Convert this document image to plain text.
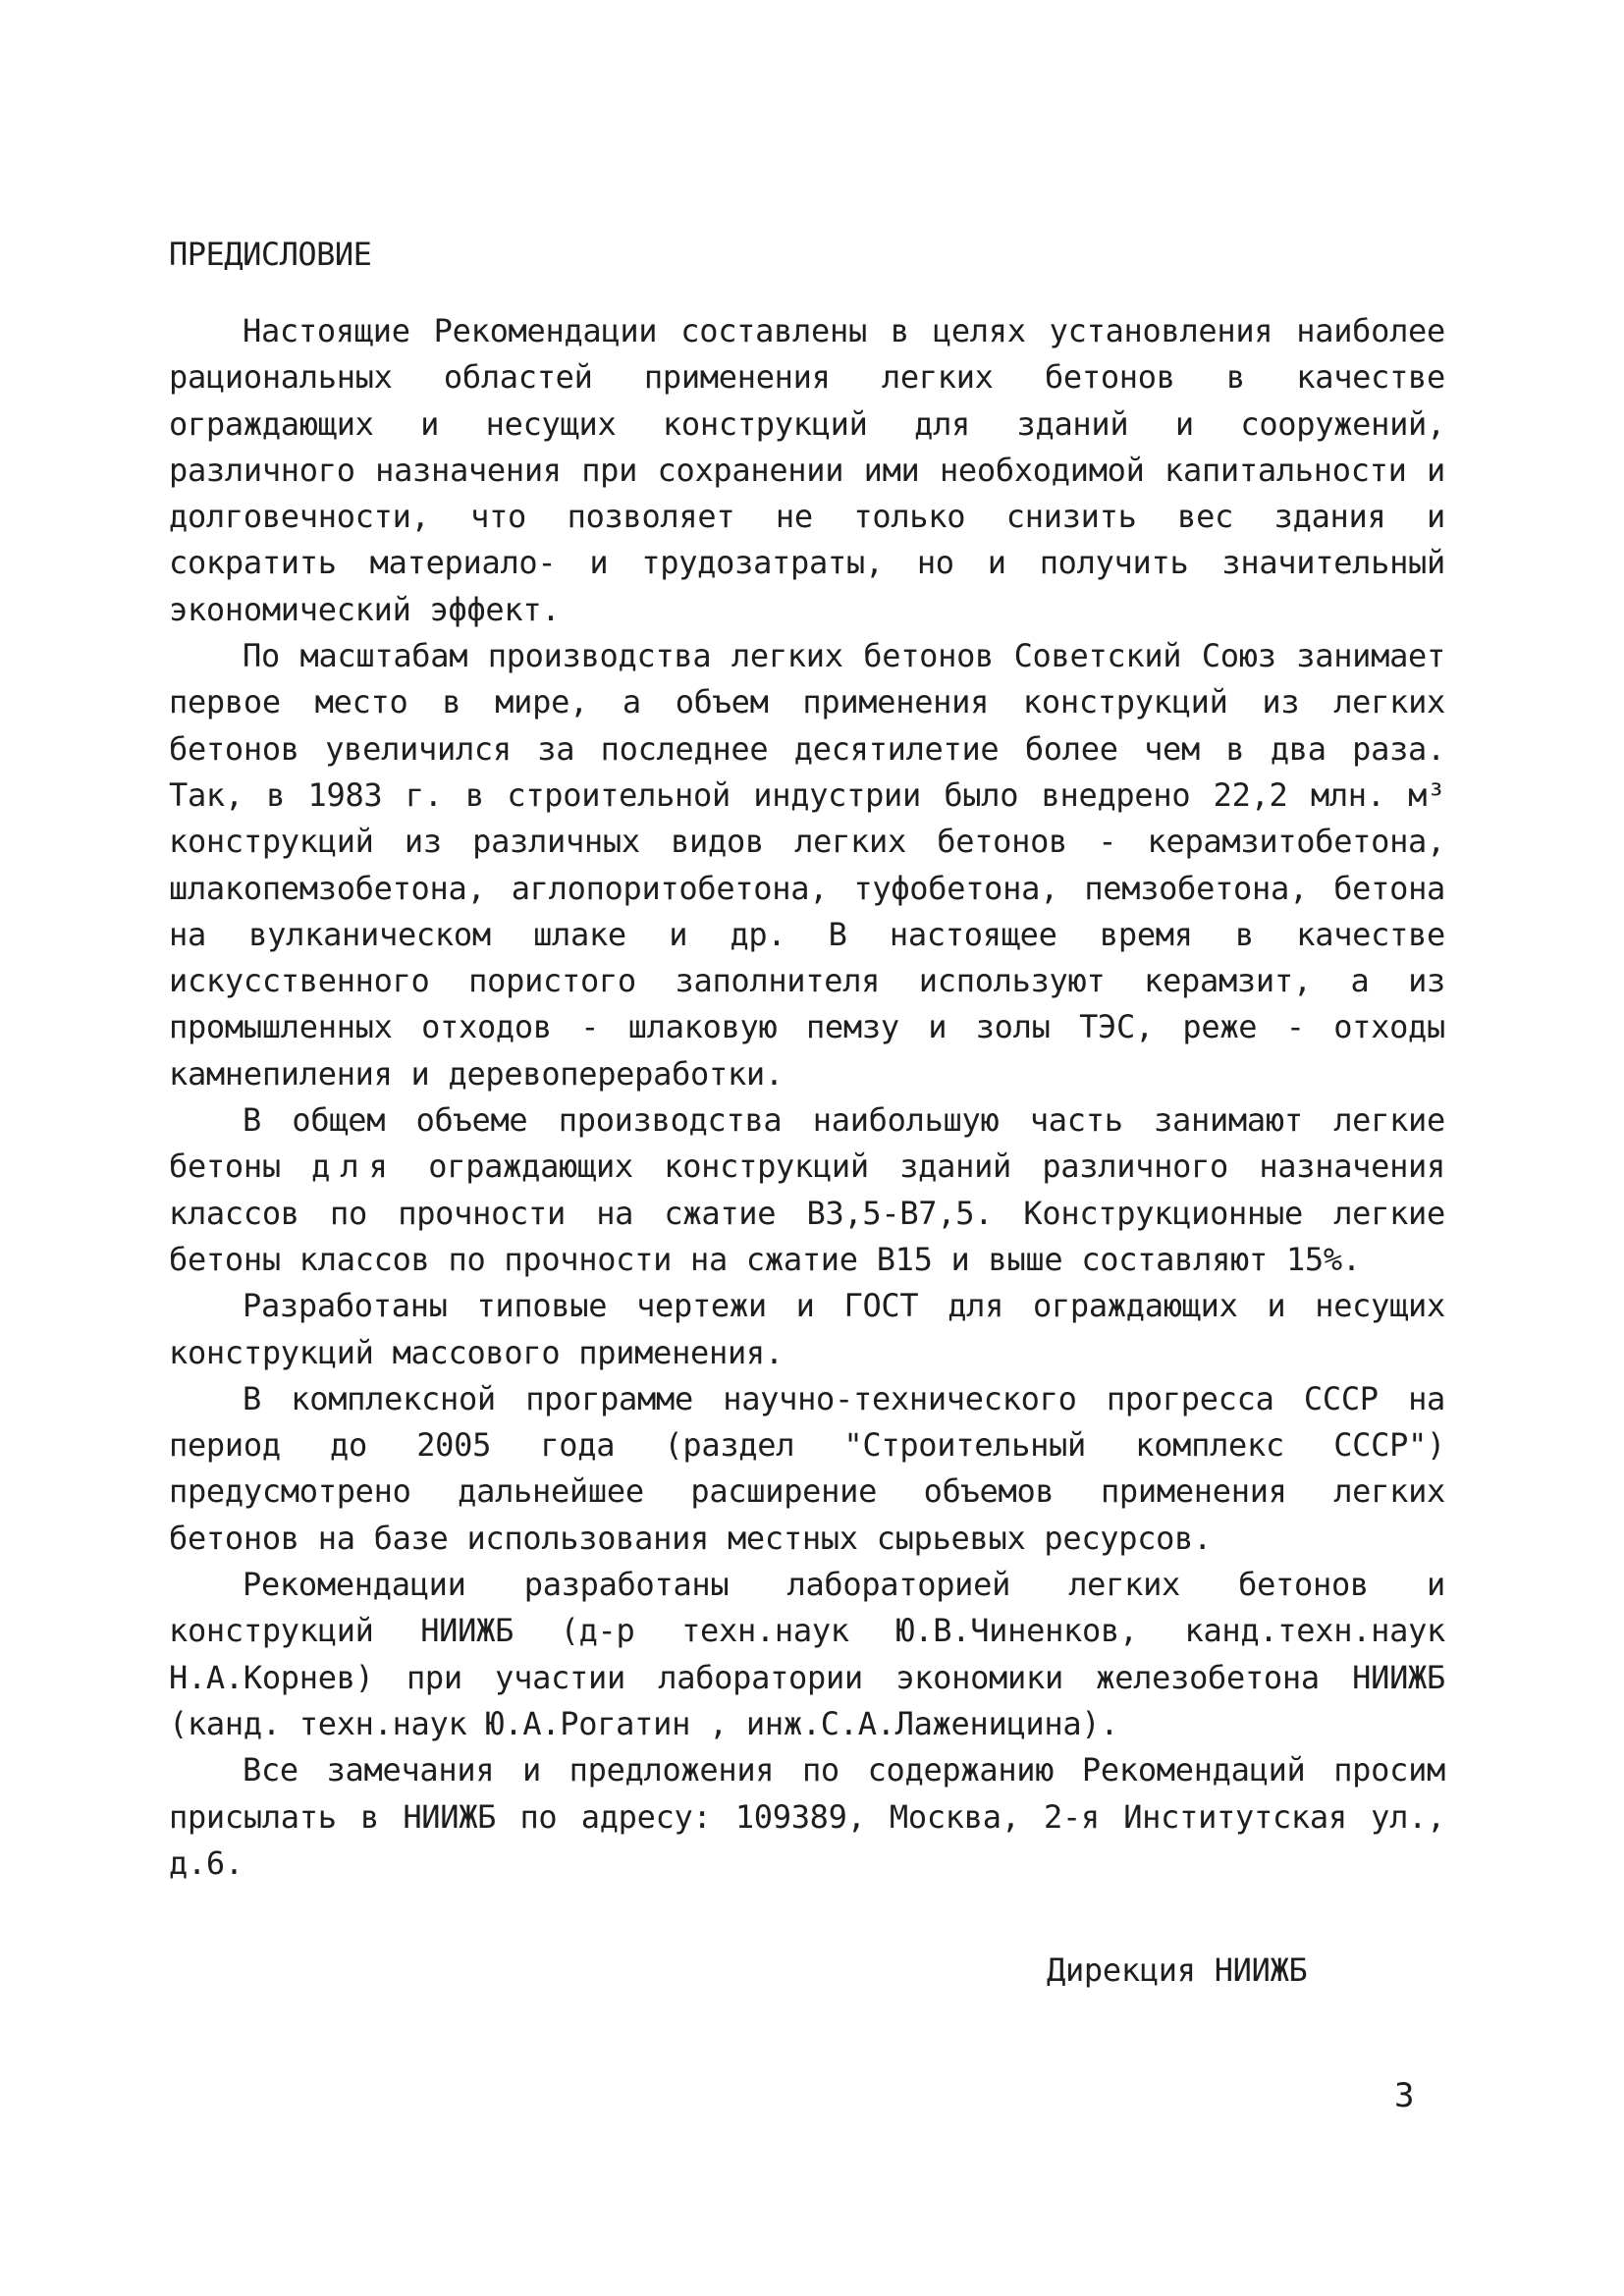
ПРЕДИСЛОВИЕ

Настоящие Рекомендации составлены в целях установления наиболее рациональных областей применения легких бетонов в качестве ограждающих и несущих конструкций для зданий и сооружений, различного назначения при сохранении ими необходимой капитальности и долговечности, что позволяет не только снизить вес здания и сократить материало- и трудозатраты, но и получить значительный экономический эффект.

По масштабам производства легких бетонов Советский Союз занимает первое место в мире, а объем применения конструкций из легких бетонов увеличился за последнее десятилетие более чем в два раза. Так, в 1983 г. в строительной индустрии было внедрено 22,2 млн. м³ конструкций из различных видов легких бетонов - керамзитобетона, шлакопемзобетона, аглопоритобетона, туфобетона, пемзобетона, бетона на вулканическом шлаке и др. В настоящее время в качестве искусственного пористого заполнителя используют керамзит, а из промышленных отходов - шлаковую пемзу и золы ТЭС, реже - отходы камнепиления и деревопереработки.

В общем объеме производства наибольшую часть занимают легкие бетоны для ограждающих конструкций зданий различного назначения классов по прочности на сжатие В3,5-В7,5. Конструкционные легкие бетоны классов по прочности на сжатие В15 и выше составляют 15%.

Разработаны типовые чертежи и ГОСТ для ограждающих и несущих конструкций массового применения.

В комплексной программе научно-технического прогресса СССР на период до 2005 года (раздел "Строительный комплекс СССР") предусмотрено дальнейшее расширение объемов применения легких бетонов на базе использования местных сырьевых ресурсов.

Рекомендации разработаны лабораторией легких бетонов и конструкций НИИЖБ (д-р техн.наук Ю.В.Чиненков, канд.техн.наук Н.А.Корнев) при участии лаборатории экономики железобетона НИИЖБ (канд. техн.наук Ю.А.Рогатин , инж.С.А.Лаженицина).

Все замечания и предложения по содержанию Рекомендаций просим присылать в НИИЖБ по адресу: 109389, Москва, 2-я Институтская ул., д.6.

Дирекция НИИЖБ

3
